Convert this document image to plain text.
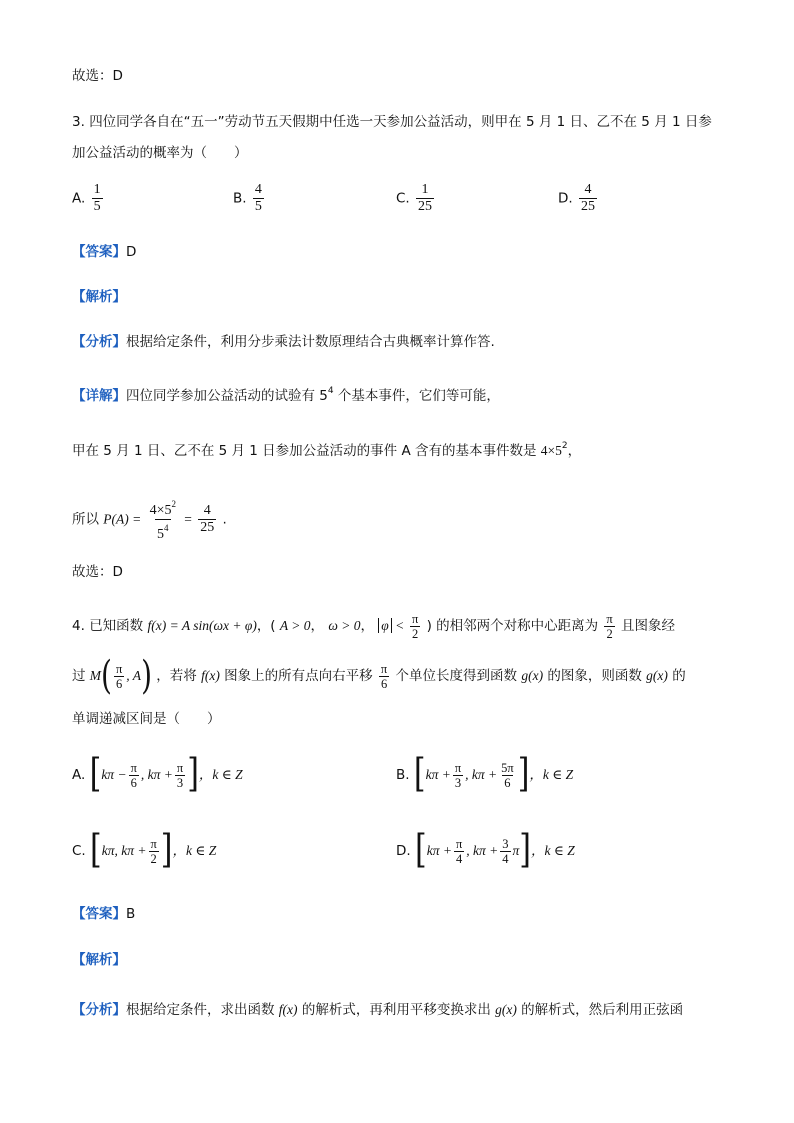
故选：D
3. 四位同学各自在“五一”劳动节五天假期中任选一天参加公益活动，则甲在 5 月 1 日、乙不在 5 月 1 日参
加公益活动的概率为（　　）
A. $\frac{1}{5}$	B. $\frac{4}{5}$	C. $\frac{1}{25}$	D. $\frac{4}{25}$
【答案】D
【解析】
【分析】根据给定条件，利用分步乘法计数原理结合古典概率计算作答.
【详解】四位同学参加公益活动的试验有 $5^4$ 个基本事件，它们等可能，
甲在 5 月 1 日、乙不在 5 月 1 日参加公益活动的事件 A 含有的基本事件数是 $4\times 5^2$，
所以 $P(A) = \frac{4\times 5^2}{5^4} = \frac{4}{25}$ .
故选：D
4. 已知函数 f(x) = A sin(ωx + φ)，( A > 0， ω > 0， $\varphi < \frac{\pi}{2}$ ) 的相邻两个对称中心距离为 $\frac{\pi}{2}$ 且图象经
过 $M( \frac{\pi}{6}$ , A) ，若将 f(x) 图象上的所有点向右平移 $\frac{\pi}{6}$ 个单位长度得到函数 g(x) 的图象，则函数 g(x) 的
单调递减区间是（　　）
A. [$k\pi - \frac{\pi}{6}$ , $k\pi + \frac{\pi}{3}$ ]，k ∈ Z	B. [$k\pi + \frac{\pi}{3}$ , $k\pi + \frac{5\pi}{6}$ ]，k ∈ Z
C. [kπ, $k\pi + \frac{\pi}{2}$ ]，k ∈ Z	D. [$k\pi + \frac{\pi}{4}$ , $k\pi + \frac{3}{4} \pi$]，k ∈ Z
【答案】B
【解析】
【分析】根据给定条件，求出函数 f(x) 的解析式，再利用平移变换求出 g(x) 的解析式，然后利用正弦函
